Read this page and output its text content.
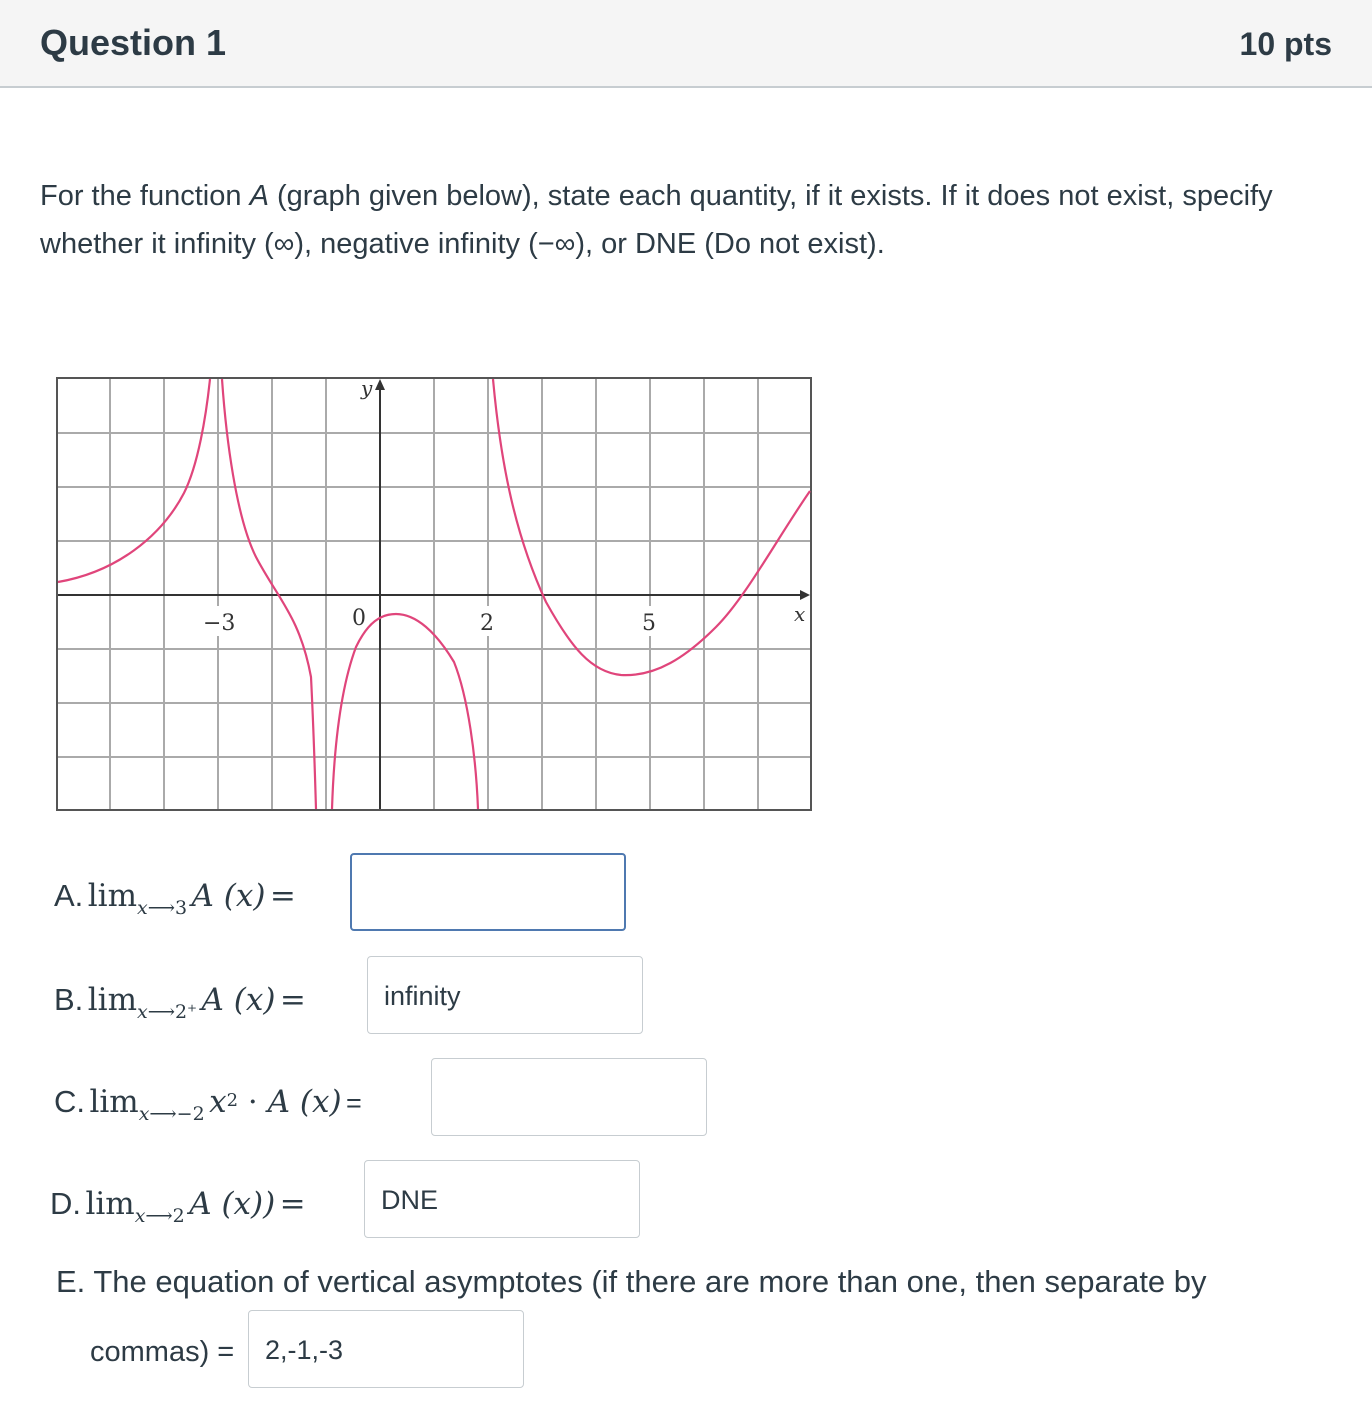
Question 1	10 pts
For the function A (graph given below), state each quantity, if it exists. If it does not exist, specify whether it infinity (∞), negative infinity (−∞), or DNE (Do not exist).
y
x
−3	0	2	5
A. limx⟶3 A (x) =
B. limx⟶2⁺ A (x) =	infinity
C. limx⟶−2 x2 · A (x) =
D. limx⟶2 A (x)) =	DNE
E. The equation of vertical asymptotes (if there are more than one, then separate by
commas) =	2,-1,-3
